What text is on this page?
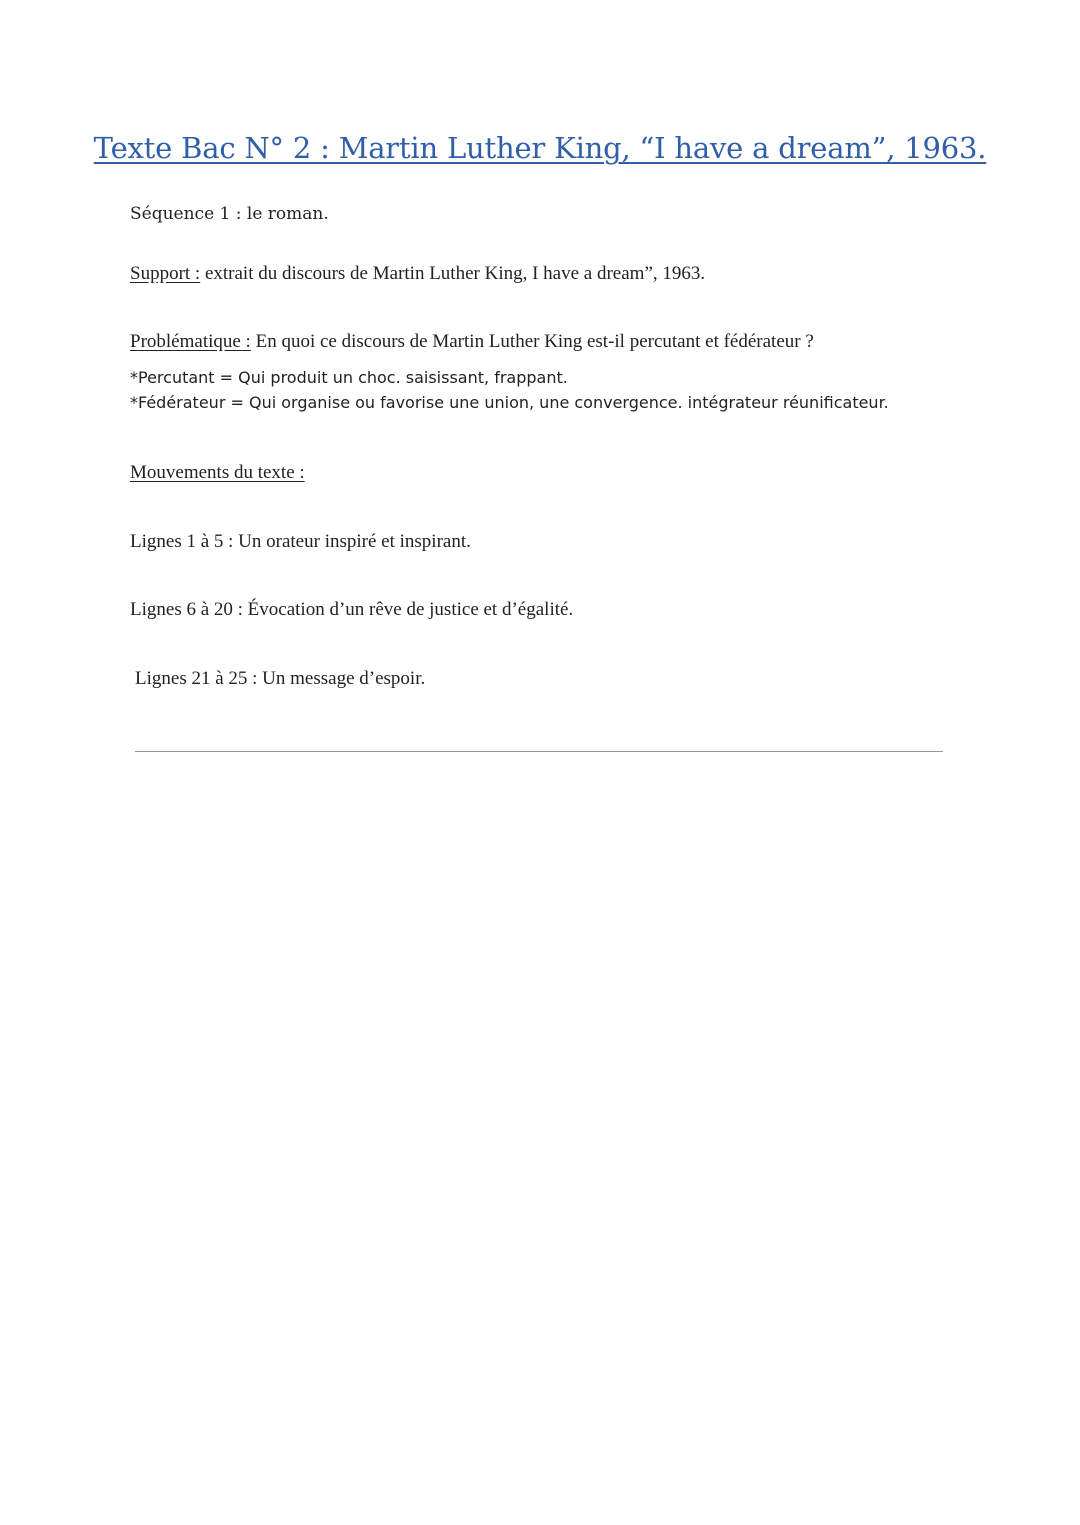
Texte Bac N° 2 : Martin Luther King, “I have a dream”, 1963.
Séquence 1 : le roman.
Support : extrait du discours de Martin Luther King, I have a dream”, 1963.
Problématique : En quoi ce discours de Martin Luther King est-il percutant et fédérateur ?
*Percutant = Qui produit un choc. saisissant, frappant.
*Fédérateur = Qui organise ou favorise une union, une convergence. intégrateur réunificateur.
Mouvements du texte :
Lignes 1 à 5 : Un orateur inspiré et inspirant.
Lignes 6 à 20 : Évocation d’un rêve de justice et d’égalité.
Lignes 21 à 25 : Un message d’espoir.
